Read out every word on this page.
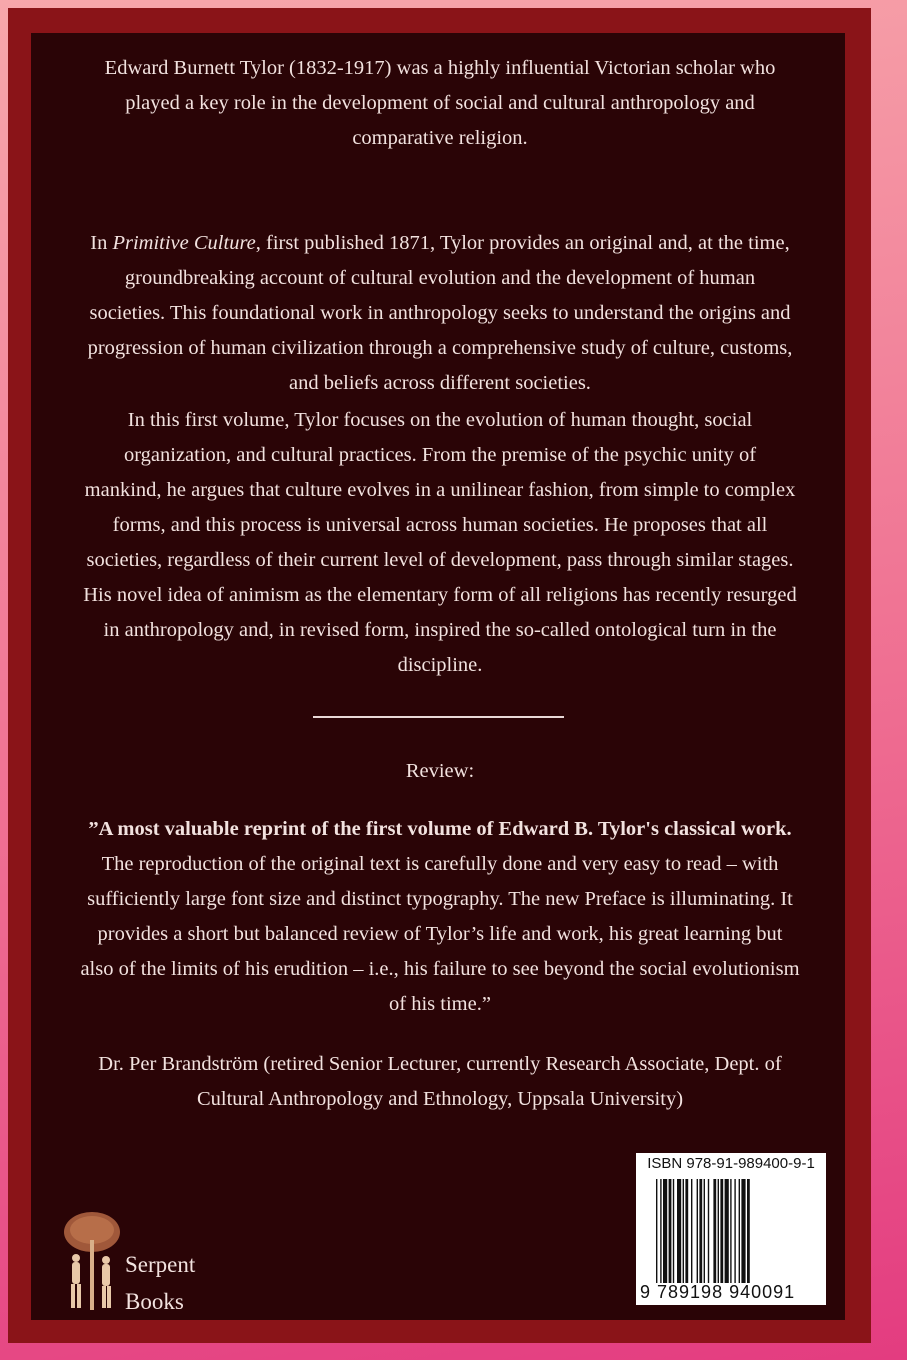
Edward Burnett Tylor (1832-1917) was a highly influential Victorian scholar who

played a key role in the development of social and cultural anthropology and

comparative religion.

In Primitive Culture, first published 1871, Tylor provides an original and, at the time,

groundbreaking account of cultural evolution and the development of human

societies. This foundational work in anthropology seeks to understand the origins and

progression of human civilization through a comprehensive study of culture, customs,

and beliefs across different societies.

In this first volume, Tylor focuses on the evolution of human thought, social

organization, and cultural practices. From the premise of the psychic unity of

mankind, he argues that culture evolves in a unilinear fashion, from simple to complex

forms, and this process is universal across human societies. He proposes that all

societies, regardless of their current level of development, pass through similar stages.

His novel idea of animism as the elementary form of all religions has recently resurged

in anthropology and, in revised form, inspired the so-called ontological turn in the

discipline.

Review:

”A most valuable reprint of the first volume of Edward B. Tylor's classical work.

The reproduction of the original text is carefully done and very easy to read – with

sufficiently large font size and distinct typography. The new Preface is illuminating. It

provides a short but balanced review of Tylor’s life and work, his great learning but

also of the limits of his erudition – i.e., his failure to see beyond the social evolutionism

of his time.”

Dr. Per Brandström (retired Senior Lecturer, currently Research Associate, Dept. of

Cultural Anthropology and Ethnology, Uppsala University)

Serpent
Books
ISBN 978-91-989400-9-1
9 789198 940091
